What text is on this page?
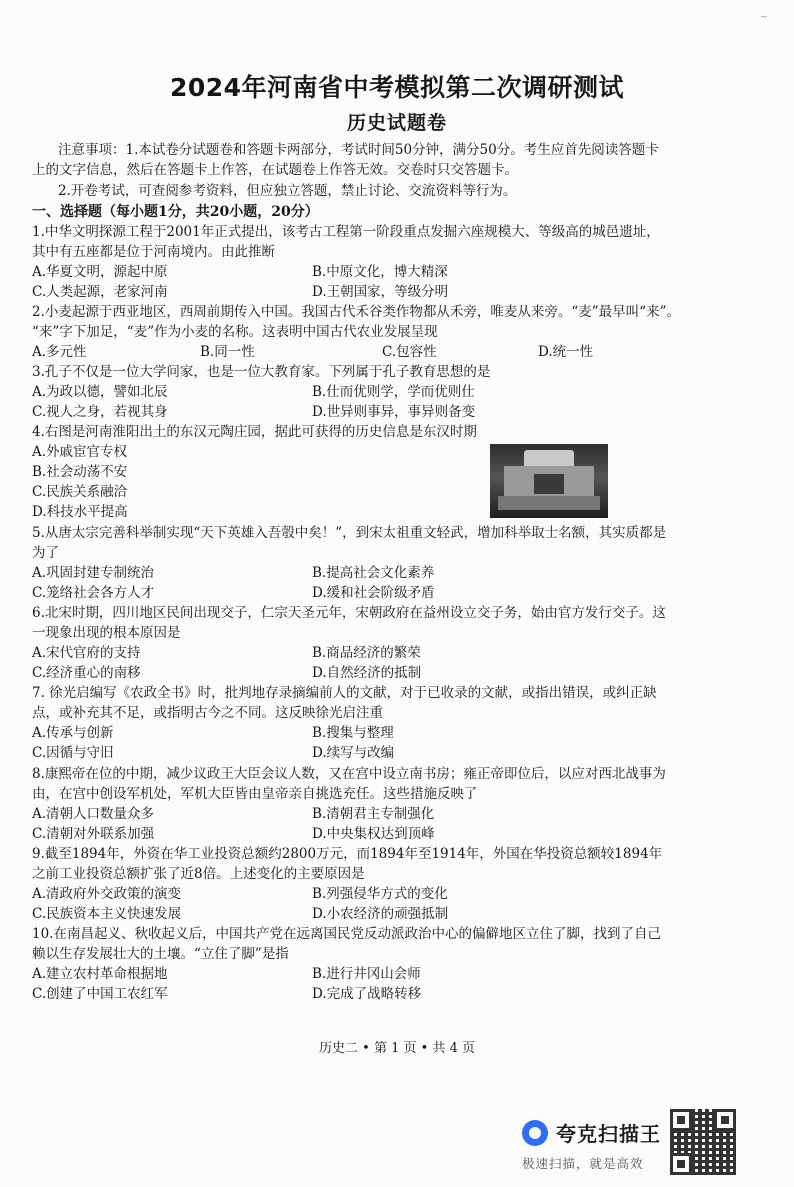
~
2024年河南省中考模拟第二次调研测试
历史试题卷
注意事项：1.本试卷分试题卷和答题卡两部分，考试时间50分钟，满分50分。考生应首先阅读答题卡
上的文字信息，然后在答题卡上作答，在试题卷上作答无效。交卷时只交答题卡。
2.开卷考试，可查阅参考资料，但应独立答题，禁止讨论、交流资料等行为。
一、选择题（每小题1分，共20小题，20分）
1.中华文明探源工程于2001年正式提出，该考古工程第一阶段重点发掘六座规模大、等级高的城邑遗址，
其中有五座都是位于河南境内。由此推断
A.华夏文明，源起中原	B.中原文化，博大精深
C.人类起源，老家河南	D.王朝国家，等级分明
2.小麦起源于西亚地区，西周前期传入中国。我国古代禾谷类作物都从禾旁，唯麦从来旁。“麦”最早叫“来”。
“来”字下加足，“麦”作为小麦的名称。这表明中国古代农业发展呈现
A.多元性	B.同一性	C.包容性	D.统一性
3.孔子不仅是一位大学问家，也是一位大教育家。下列属于孔子教育思想的是
A.为政以德，譬如北辰	B.仕而优则学，学而优则仕
C.视人之身，若视其身	D.世异则事异，事异则备变
4.右图是河南淮阳出土的东汉元陶庄园，据此可获得的历史信息是东汉时期
A.外戚宦官专权
B.社会动荡不安
C.民族关系融洽
D.科技水平提高
5.从唐太宗完善科举制实现“天下英雄入吾彀中矣！”，到宋太祖重文轻武，增加科举取士名额，其实质都是
为了
A.巩固封建专制统治	B.提高社会文化素养
C.笼络社会各方人才	D.缓和社会阶级矛盾
6.北宋时期，四川地区民间出现交子，仁宗天圣元年，宋朝政府在益州设立交子务，始由官方发行交子。这
一现象出现的根本原因是
A.宋代官府的支持	B.商品经济的繁荣
C.经济重心的南移	D.自然经济的抵制
7. 徐光启编写《农政全书》时，批判地存录摘编前人的文献，对于已收录的文献，或指出错误，或纠正缺
点，或补充其不足，或指明古今之不同。这反映徐光启注重
A.传承与创新	B.搜集与整理
C.因循与守旧	D.续写与改编
8.康熙帝在位的中期，减少议政王大臣会议人数，又在宫中设立南书房；雍正帝即位后，以应对西北战事为
由，在宫中创设军机处，军机大臣皆由皇帝亲自挑选充任。这些措施反映了
A.清朝人口数量众多	B.清朝君主专制强化
C.清朝对外联系加强	D.中央集权达到顶峰
9.截至1894年，外资在华工业投资总额约2800万元，而1894年至1914年，外国在华投资总额较1894年
之前工业投资总额扩张了近8倍。上述变化的主要原因是
A.清政府外交政策的演变	B.列强侵华方式的变化
C.民族资本主义快速发展	D.小农经济的顽强抵制
10.在南昌起义、秋收起义后，中国共产党在远离国民党反动派政治中心的偏僻地区立住了脚，找到了自己
赖以生存发展壮大的土壤。“立住了脚”是指
A.建立农村革命根据地	B.进行井冈山会师
C.创建了中国工农红军	D.完成了战略转移
历史二 • 第 1 页 • 共 4 页
夸克扫描王
极速扫描，就是高效
